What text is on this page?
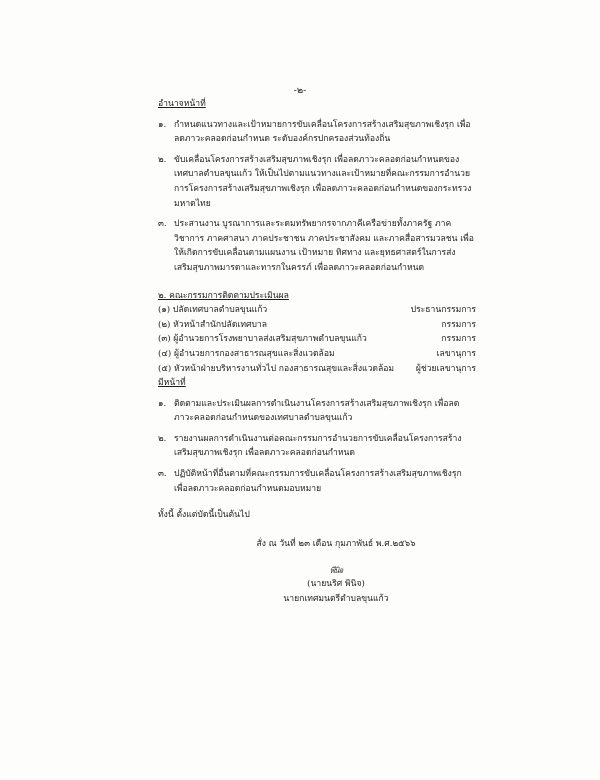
-๒-
อำนาจหน้าที่
๑. กำหนดแนวทางและเป้าหมายการขับเคลื่อนโครงการสร้างเสริมสุขภาพเชิงรุก เพื่อลดภาวะคลอดก่อนกำหนด ระดับองค์กรปกครองส่วนท้องถิ่น
๒. ขับเคลื่อนโครงการสร้างเสริมสุขภาพเชิงรุก เพื่อลดภาวะคลอดก่อนกำหนดของเทศบาลตำบลขุนแก้ว ให้เป็นไปตามแนวทางและเป้าหมายที่คณะกรรมการอำนวยการโครงการสร้างเสริมสุขภาพเชิงรุก เพื่อลดภาวะคลอดก่อนกำหนดของกระทรวงมหาดไทย
๓. ประสานงาน บูรณาการและระดมทรัพยากรจากภาคีเครือข่ายทั้งภาครัฐ ภาควิชาการ ภาคศาสนา ภาคประชาชน ภาคประชาสังคม และภาคสื่อสารมวลชน เพื่อให้เกิดการขับเคลื่อนตามแผนงาน เป้าหมาย ทิศทาง และยุทธศาสตร์ในการส่งเสริมสุขภาพมารดาและทารกในครรภ์ เพื่อลดภาวะคลอดก่อนกำหนด
๒. คณะกรรมการติดตามประเมินผล
(๑) ปลัดเทศบาลตำบลขุนแก้ว	ประธานกรรมการ
(๒) หัวหน้าสำนักปลัดเทศบาล	กรรมการ
(๓) ผู้อำนวยการโรงพยาบาลส่งเสริมสุขภาพตำบลขุนแก้ว	กรรมการ
(๔) ผู้อำนวยการกองสาธารณสุขและสิ่งแวดล้อม	เลขานุการ
(๕) หัวหน้าฝ่ายบริหารงานทั่วไป กองสาธารณสุขและสิ่งแวดล้อม	ผู้ช่วยเลขานุการ
มีหน้าที่
๑. ติดตามและประเมินผลการดำเนินงานโครงการสร้างเสริมสุขภาพเชิงรุก เพื่อลดภาวะคลอดก่อนกำหนดของเทศบาลตำบลขุนแก้ว
๒. รายงานผลการดำเนินงานต่อคณะกรรมการอำนวยการขับเคลื่อนโครงการสร้างเสริมสุขภาพเชิงรุก เพื่อลดภาวะคลอดก่อนกำหนด
๓. ปฏิบัติหน้าที่อื่นตามที่คณะกรรมการขับเคลื่อนโครงการสร้างเสริมสุขภาพเชิงรุก เพื่อลดภาวะคลอดก่อนกำหนดมอบหมาย
ทั้งนี้ ตั้งแต่บัดนี้เป็นต้นไป
สั่ง ณ วันที่ ๒๓ เดือน กุมภาพันธ์ พ.ศ.๒๕๖๖
พีนิจ
(นายนริศ พินิจ)
นายกเทศมนตรีตำบลขุนแก้ว
